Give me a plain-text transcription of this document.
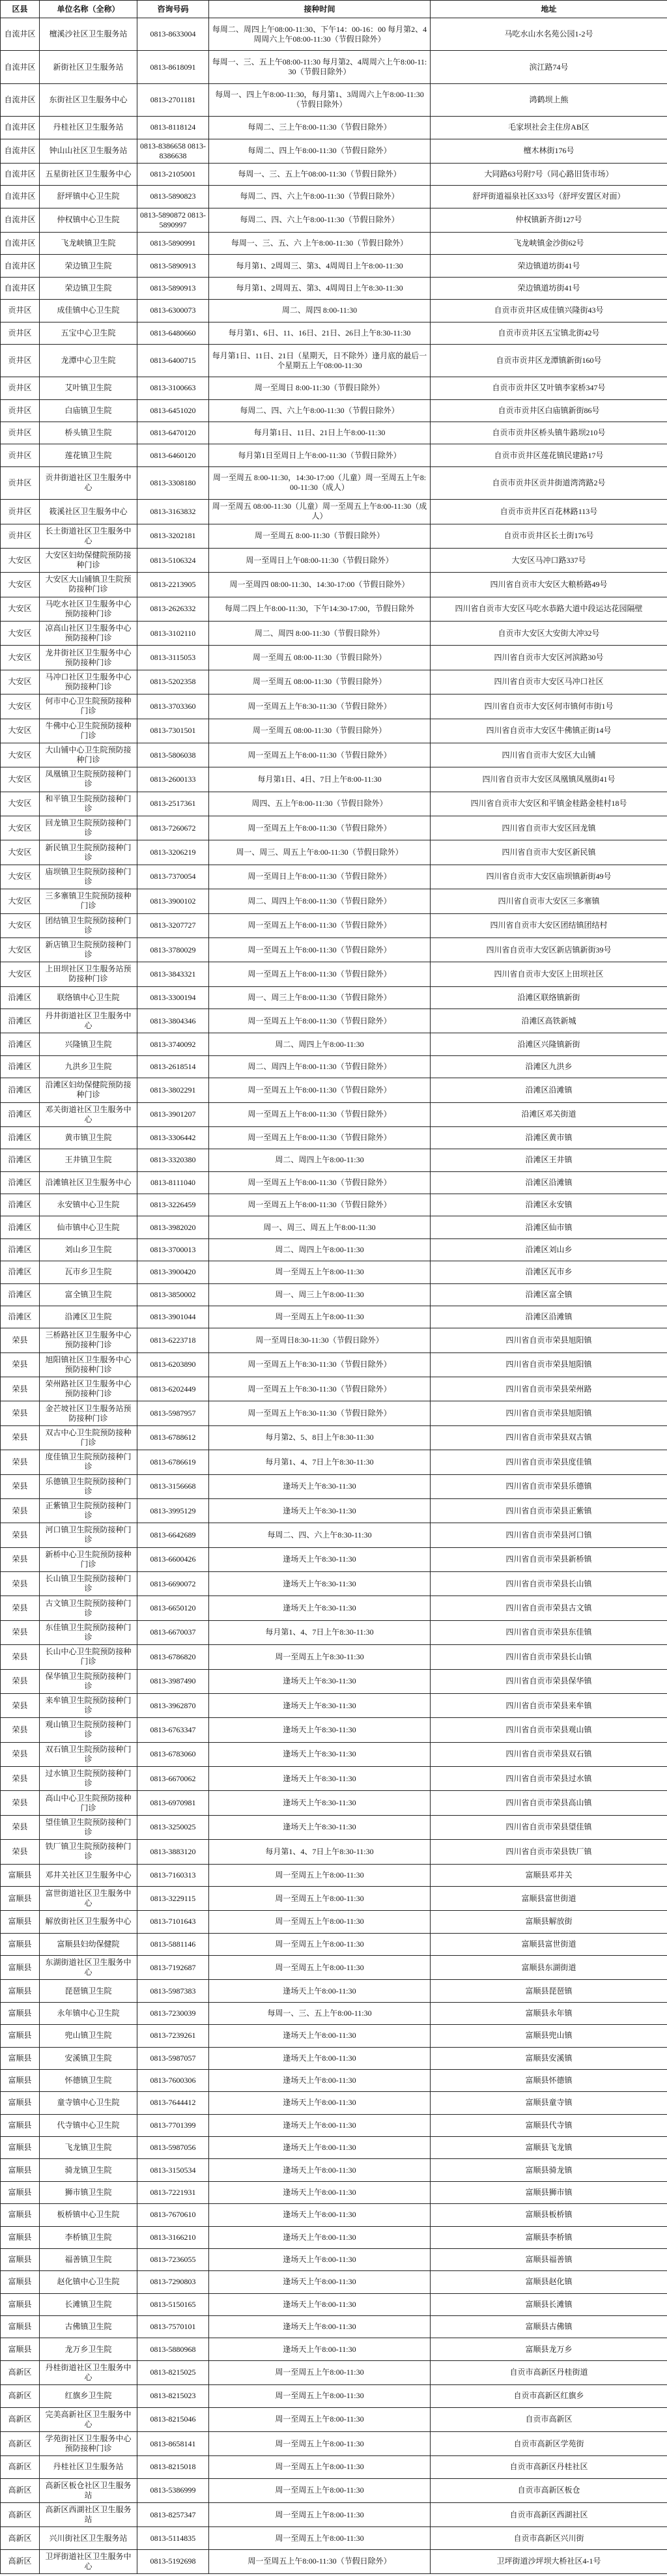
区县	单位名称（全称）	咨询号码	接种时间	地址
自流井区	檀溪沙社区卫生服务站	0813-8633004	每周二、周四上午08:00-11:30、下午14：00-16：00 每月第2、4周周六上午08:00-11:30（节假日除外）	马吃水山水名苑公园1-2号
自流井区	新街社区卫生服务站	0813-8618091	每周一、三、五上午08:00-11:30 每月第2、4周周六上午8:00-11:30（节假日除外）	滨江路74号
自流井区	东街社区卫生服务中心	0813-2701181	每周一、四上午8:00-11:30，每月第1、3周周六上午8:00-11:30（节假日除外）	鸿鹤坝上熊
自流井区	丹桂社区卫生服务站	0813-8118124	每周二、三上午8:00-11:30（节假日除外）	毛家坝社会主住房AB区
自流井区	钟山山社区卫生服务站	0813-8386658 0813-8386638	每周二、四上午8:00-11:30（节假日除外）	檀木林街176号
自流井区	五星街社区卫生服务中心	0813-2105001	每周一、三、五上午08:00-11:30（节假日除外）	大同路63号附7号（同心路旧货市场）
自流井区	舒坪镇中心卫生院	0813-5890823	每周二、四、六上午8:00-11:30（节假日除外）	舒坪街道福泉社区333号（舒坪安置区对面）
自流井区	仲权镇中心卫生院	0813-5890872 0813-5890997	每周二、四、六上午8:00-11:30（节假日除外）	仲权镇新齐街127号
自流井区	飞龙峡镇卫生院	0813-5890991	每周一、三、五、六 上午8:00-11:30（节假日除外）	飞龙峡镇金沙街62号
自流井区	荣边镇卫生院	0813-5890913	每月第1、2周周三、第3、4周周日上午8:00-11:30	荣边镇道坊街41号
自流井区	荣边镇卫生院	0813-5890913	每月第1、2周周五、第3、4周周日上午8:30-11:30	荣边镇道坊街41号
贡井区	成佳镇中心卫生院	0813-6300073	周二、周四 8:00-11:30	自贡市贡井区成佳镇兴隆街43号
贡井区	五宝中心卫生院	0813-6480660	每月第1、6日、11、16日、21日、26日上午8:30-11:30	自贡市贡井区五宝镇北街42号
贡井区	龙潭中心卫生院	0813-6400715	每月第1日、11日、21日（星期天，日不除外）逢月底的最后一个星期五上午08:00-11:30	自贡市贡井区龙潭镇新街160号
贡井区	艾叶镇卫生院	0813-3100663	周一至周日 8:00-11:30（节假日除外）	自贡市贡井区艾叶镇李家桥347号
贡井区	白庙镇卫生院	0813-6451020	每周二、四、六上午8:00-11:30（节假日除外）	自贡市贡井区白庙镇新街86号
贡井区	桥头镇卫生院	0813-6470120	每月第1日、11日、21日上午8:00-11:30	自贡市贡井区桥头镇牛路坝210号
贡井区	莲花镇卫生院	0813-6460120	每月第1日至周日上午8:00-11:30（节假日除外）	自贡市贡井区莲花镇民建路17号
贡井区	贡井街道社区卫生服务中心	0813-3308180	周一至周五 8:00-11:30，14:30-17:00（儿童）周一至周五上午8:00-11:30（成人）	自贡市贡井区贡井街道湾湾路2号
贡井区	筱溪社区卫生服务中心	0813-3163832	周一至周五 08:00-11:30（儿童）周一至周五上午8:00-11:30（成人）	自贡市贡井区百花林路113号
贡井区	长土街道社区卫生服务中心	0813-3202181	周一至周五 8:00-11:30（节假日除外）	自贡市贡井区长土街176号
大安区	大安区妇幼保健院预防接种门诊	0813-5106324	周一至周日上午08:00-11:30（节假日除外）	大安区马冲口路337号
大安区	大安区大山铺镇卫生院预防接种门诊	0813-2213905	周一至周四 08:00-11:30、14:30-17:00（节假日除外）	四川省自贡市大安区大粮桥路49号
大安区	马吃水社区卫生服务中心预防接种门诊	0813-2626332	每周二四上午8:00-11:30，下午14:30-17:00，节假日除外	四川省自贡市大安区马吃水恭路大道中段运达花园隔壁
大安区	凉高山社区卫生服务中心预防接种门诊	0813-3102110	周二、周四 8:00-11:30（节假日除外）	自贡市大安区大安街大冲32号
大安区	龙井街社区卫生服务中心预防接种门诊	0813-3115053	周一至周五 08:00-11:30（节假日除外）	四川省自贡市大安区河滨路30号
大安区	马冲口社区卫生服务中心预防接种门诊	0813-5202358	周一至周五 08:00-11:30（节假日除外）	四川省自贡市大安区马冲口社区
大安区	何市中心卫生院预防接种门诊	0813-3703360	周一至周五上午8:30-11:30（节假日除外）	四川省自贡市大安区何市镇何市街1号
大安区	牛佛中心卫生院预防接种门诊	0813-7301501	周一至周五 08:00-11:30（节假日除外）	四川省自贡市大安区牛佛镇正街14号
大安区	大山铺中心卫生院预防接种门诊	0813-5806038	周一至周五上午8:00-11:30（节假日除外）	四川省自贡市大安区大山铺
大安区	凤凰镇卫生院预防接种门诊	0813-2600133	每月第1日、4日、7日上午8:00-11:30	四川省自贡市大安区凤凰镇凤凰街41号
大安区	和平镇卫生院预防接种门诊	0813-2517361	周四、五上午8:00-11:30（节假日除外）	四川省自贡市大安区和平镇金桂路金桂村18号
大安区	回龙镇卫生院预防接种门诊	0813-7260672	周一至周五上午8:00-11:30（节假日除外）	四川省自贡市大安区回龙镇
大安区	新民镇卫生院预防接种门诊	0813-3206219	周一、周三、周五上午8:00-11:30（节假日除外）	四川省自贡市大安区新民镇
大安区	庙坝镇卫生院预防接种门诊	0813-7370054	周一至周日上午8:00-11:30（节假日除外）	四川省自贡市大安区庙坝镇新街49号
大安区	三多寨镇卫生院预防接种门诊	0813-3900102	周二、周四上午8:00-11:30（节假日除外）	四川省自贡市大安区三多寨镇
大安区	团结镇卫生院预防接种门诊	0813-3207727	周一至周五上午8:00-11:30（节假日除外）	四川省自贡市大安区团结镇团结村
大安区	新店镇卫生院预防接种门诊	0813-3780029	周一至周五上午8:00-11:30（节假日除外）	四川省自贡市大安区新店镇新街39号
大安区	上田坝社区卫生服务站预防接种门诊	0813-3843321	周一至周五上午8:00-11:30（节假日除外）	四川省自贡市大安区上田坝社区
沿滩区	联络镇中心卫生院	0813-3300194	周一、周三上午8:00-11:30（节假日除外）	沿滩区联络镇新街
沿滩区	丹井街道社区卫生服务中心	0813-3804346	周一至周五上午8:00-11:30（节假日除外）	沿滩区高铁新城
沿滩区	兴隆镇卫生院	0813-3740092	周二、周四上午8:00-11:30	沿滩区兴隆镇新街
沿滩区	九洪乡卫生院	0813-2618514	周二、周四上午8:00-11:30（节假日除外）	沿滩区九洪乡
沿滩区	沿滩区妇幼保健院预防接种门诊	0813-3802291	周一至周五上午8:00-11:30（节假日除外）	沿滩区沿滩镇
沿滩区	邓关街道社区卫生服务中心	0813-3901207	周一至周五上午8:00-11:30（节假日除外）	沿滩区邓关街道
沿滩区	黄市镇卫生院	0813-3306442	周一至周五上午8:00-11:30（节假日除外）	沿滩区黄市镇
沿滩区	王井镇卫生院	0813-3320380	周二、周四上午8:00-11:30	沿滩区王井镇
沿滩区	沿滩镇社区卫生服务中心	0813-8111040	周一至周五上午8:00-11:30（节假日除外）	沿滩区沿滩镇
沿滩区	永安镇中心卫生院	0813-3226459	周一至周五上午8:00-11:30（节假日除外）	沿滩区永安镇
沿滩区	仙市镇中心卫生院	0813-3982020	周一、周三、周五上午8:00-11:30	沿滩区仙市镇
沿滩区	刘山乡卫生院	0813-3700013	周二、周四上午8:00-11:30	沿滩区刘山乡
沿滩区	瓦市乡卫生院	0813-3900420	周一至周五上午8:00-11:30	沿滩区瓦市乡
沿滩区	富全镇卫生院	0813-3850002	周一、周三上午8:00-11:30	沿滩区富全镇
沿滩区	沿滩区卫生院	0813-3901044	周一至周五上午8:00-11:30	沿滩区沿滩镇
荣县	三桥路社区卫生服务中心预防接种门诊	0813-6223718	周一至周日8:30-11:30（节假日除外）	四川省自贡市荣县旭阳镇
荣县	旭阳镇社区卫生服务中心预防接种门诊	0813-6203890	周一至周五上午8:30-11:30（节假日除外）	四川省自贡市荣县旭阳镇
荣县	荣州路社区卫生服务中心预防接种门诊	0813-6202449	周一至周五上午8:30-11:30（节假日除外）	四川省自贡市荣县荣州路
荣县	金芒坡社区卫生服务站预防接种门诊	0813-5987957	周一至周五上午8:30-11:30（节假日除外）	四川省自贡市荣县旭阳镇
荣县	双古中心卫生院预防接种门诊	0813-6788612	每月第2、5、8日上午8:30-11:30	四川省自贡市荣县双古镇
荣县	度佳镇卫生院预防接种门诊	0813-6786619	每月第1、4、7日上午8:30-11:30	四川省自贡市荣县度佳镇
荣县	乐德镇卫生院预防接种门诊	0813-3156668	逢场天上午8:30-11:30	四川省自贡市荣县乐德镇
荣县	正紫镇卫生院预防接种门诊	0813-3995129	逢场天上午8:30-11:30	四川省自贡市荣县正紫镇
荣县	河口镇卫生院预防接种门诊	0813-6642689	每周二、四、六上午8:30-11:30	四川省自贡市荣县河口镇
荣县	新桥中心卫生院预防接种门诊	0813-6600426	逢场天上午8:30-11:30	四川省自贡市荣县新桥镇
荣县	长山镇卫生院预防接种门诊	0813-6690072	逢场天上午8:30-11:30	四川省自贡市荣县长山镇
荣县	古文镇卫生院预防接种门诊	0813-6650120	逢场天上午8:30-11:30	四川省自贡市荣县古文镇
荣县	东佳镇卫生院预防接种门诊	0813-6670037	每月第1、4、7日上午8:30-11:30	四川省自贡市荣县东佳镇
荣县	长山中心卫生院预防接种门诊	0813-6786820	周一至周五上午8:30-11:30	四川省自贡市荣县长山镇
荣县	保华镇卫生院预防接种门诊	0813-3987490	逢场天上午8:30-11:30	四川省自贡市荣县保华镇
荣县	来牟镇卫生院预防接种门诊	0813-3962870	逢场天上午8:30-11:30	四川省自贡市荣县来牟镇
荣县	观山镇卫生院预防接种门诊	0813-6763347	逢场天上午8:30-11:30	四川省自贡市荣县观山镇
荣县	双石镇卫生院预防接种门诊	0813-6783060	逢场天上午8:30-11:30	四川省自贡市荣县双石镇
荣县	过水镇卫生院预防接种门诊	0813-6670062	逢场天上午8:30-11:30	四川省自贡市荣县过水镇
荣县	高山中心卫生院预防接种门诊	0813-6970981	逢场天上午8:30-11:30	四川省自贡市荣县高山镇
荣县	望佳镇卫生院预防接种门诊	0813-3250025	逢场天上午8:30-11:30	四川省自贡市荣县望佳镇
荣县	铁厂镇卫生院预防接种门诊	0813-3883120	每月第1、4、7日上午8:30-11:30	四川省自贡市荣县铁厂镇
富顺县	邓井关社区卫生服务中心	0813-7160313	周一至周五上午8:00-11:30	富顺县邓井关
富顺县	富世街道社区卫生服务中心	0813-3229115	周一至周五上午8:00-11:30	富顺县富世街道
富顺县	解放街社区卫生服务中心	0813-7101643	周一至周五上午8:00-11:30	富顺县解放街
富顺县	富顺县妇幼保健院	0813-5881146	周一至周五上午8:00-11:30	富顺县富世街道
富顺县	东湖街道社区卫生服务中心	0813-7192687	周一至周五上午8:00-11:30	富顺县东湖街道
富顺县	琵琶镇卫生院	0813-5987383	逢场天上午8:00-11:30	富顺县琵琶镇
富顺县	永年镇中心卫生院	0813-7230039	每周一、三、五上午8:00-11:30	富顺县永年镇
富顺县	兜山镇卫生院	0813-7239261	逢场天上午8:00-11:30	富顺县兜山镇
富顺县	安溪镇卫生院	0813-5987057	逢场天上午8:00-11:30	富顺县安溪镇
富顺县	怀德镇卫生院	0813-7600306	逢场天上午8:00-11:30	富顺县怀德镇
富顺县	童寺镇中心卫生院	0813-7644412	逢场天上午8:00-11:30	富顺县童寺镇
富顺县	代寺镇中心卫生院	0813-7701399	逢场天上午8:00-11:30	富顺县代寺镇
富顺县	飞龙镇卫生院	0813-5987056	逢场天上午8:00-11:30	富顺县飞龙镇
富顺县	骑龙镇卫生院	0813-3150534	逢场天上午8:00-11:30	富顺县骑龙镇
富顺县	狮市镇卫生院	0813-7221931	逢场天上午8:00-11:30	富顺县狮市镇
富顺县	板桥镇中心卫生院	0813-7670610	逢场天上午8:00-11:30	富顺县板桥镇
富顺县	李桥镇卫生院	0813-3166210	逢场天上午8:00-11:30	富顺县李桥镇
富顺县	福善镇卫生院	0813-7236055	逢场天上午8:00-11:30	富顺县福善镇
富顺县	赵化镇中心卫生院	0813-7290803	逢场天上午8:00-11:30	富顺县赵化镇
富顺县	长滩镇卫生院	0813-5150165	逢场天上午8:00-11:30	富顺县长滩镇
富顺县	古佛镇卫生院	0813-7570101	逢场天上午8:00-11:30	富顺县古佛镇
富顺县	龙万乡卫生院	0813-5880968	逢场天上午8:00-11:30	富顺县龙万乡
高新区	丹桂街道社区卫生服务中心	0813-8215025	周一至周五上午8:00-11:30	自贡市高新区丹桂街道
高新区	红旗乡卫生院	0813-8215023	周一至周五上午8:00-11:30	自贡市高新区红旗乡
高新区	完美高新社区卫生服务中心	0813-8215046	周一至周五上午8:00-11:30	自贡市高新区
高新区	学苑街社区卫生服务中心预防接种门诊	0813-8658141	周一至周五上午8:00-11:30	自贡市高新区学苑街
高新区	丹桂社区卫生服务站	0813-8215018	周一至周五上午8:00-11:30	自贡市高新区丹桂社区
高新区	高新区板仓社区卫生服务站	0813-5386999	周一至周五上午8:00-11:30	自贡市高新区板仓
高新区	高新区西湖社区卫生服务站	0813-8257347	周一至周五上午8:00-11:30	自贡市高新区西湖社区
高新区	兴川街社区卫生服务站	0813-5114835	周一至周五上午8:00-11:30	自贡市高新区兴川街
高新区	卫坪街道社区卫生服务中心	0813-5192698	周一至周五上午8:00-11:30（节假日除外）	卫坪街道沙坪坝大桥社区4-1号
